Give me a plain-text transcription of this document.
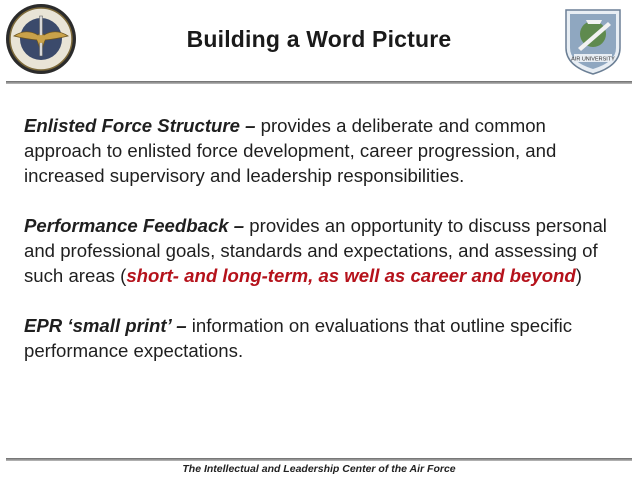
AIR UNIVERSITY
Building a Word Picture

Enlisted Force Structure – provides a deliberate and common approach to enlisted force development, career progression, and increased supervisory and leadership responsibilities.

Performance Feedback – provides an opportunity to discuss personal and professional goals, standards and expectations, and assessing of such areas (short- and long-term, as well as career and beyond)

EPR ‘small print’ – information on evaluations that outline specific performance expectations.

The Intellectual and Leadership Center of the Air Force
